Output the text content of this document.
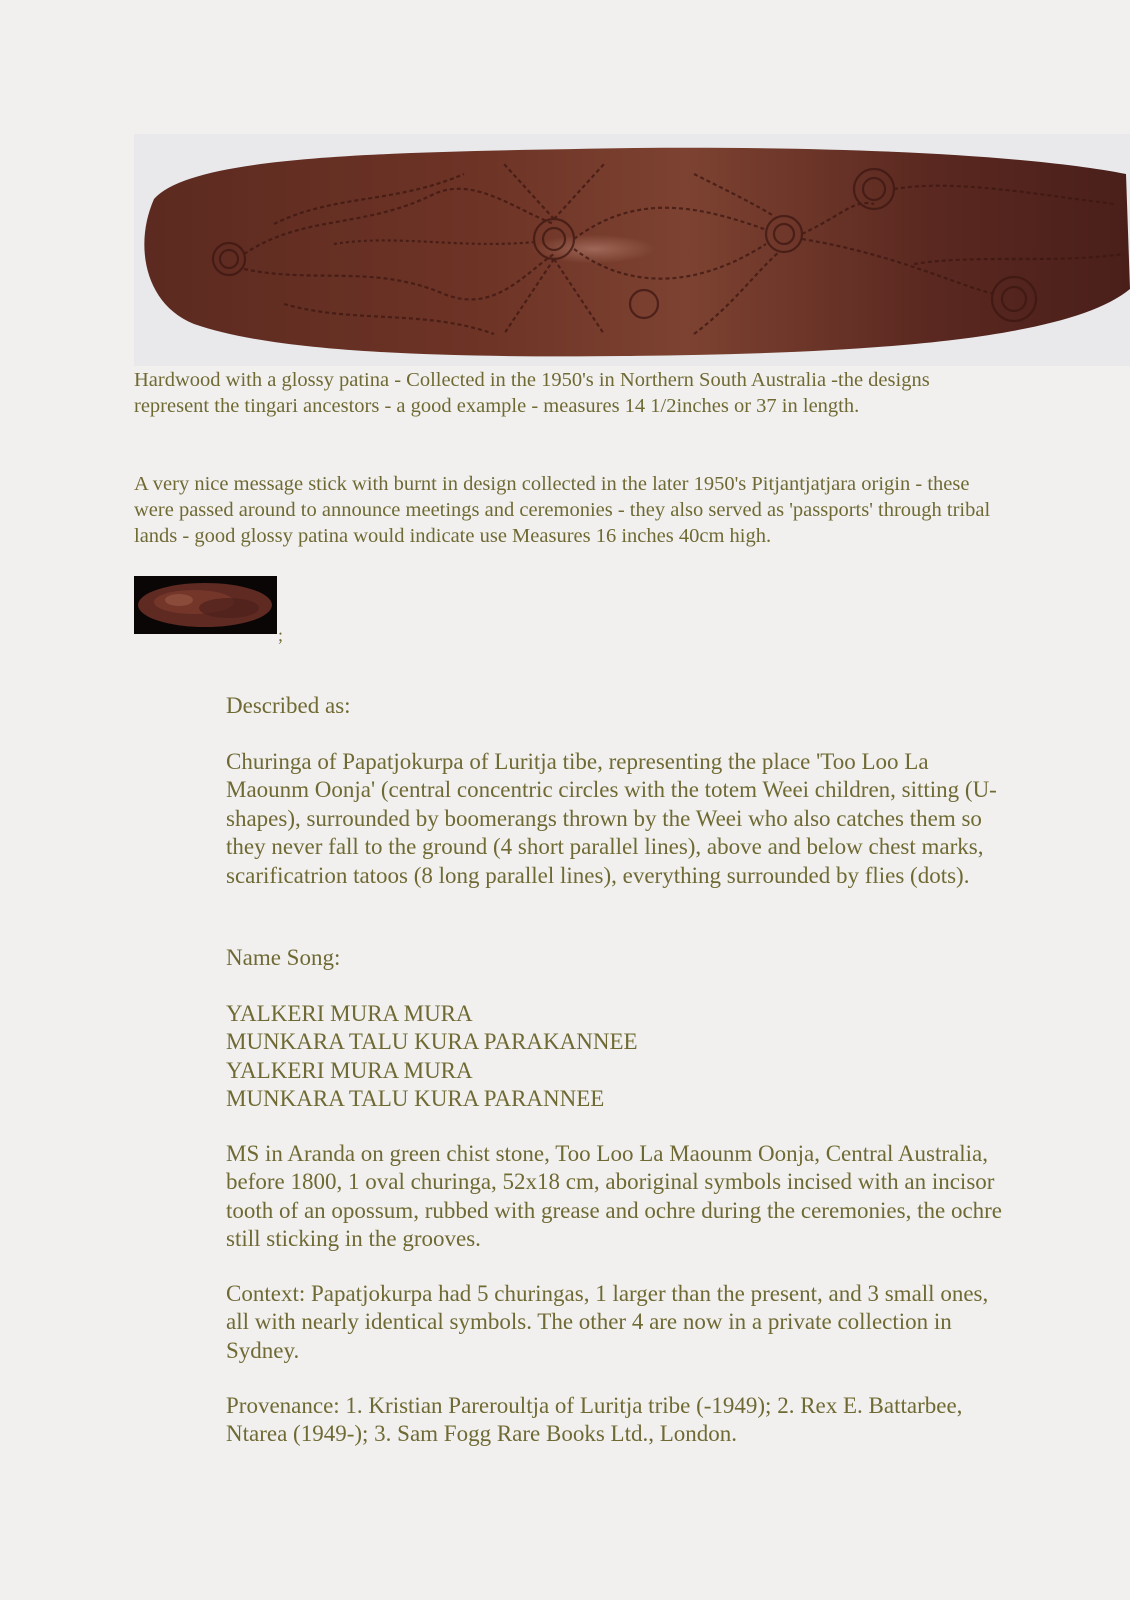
Hardwood with a glossy patina - Collected in the 1950's in Northern South Australia -the designs represent the tingari ancestors - a good example - measures 14 1/2inches or 37 in length.

A very nice message stick with burnt in design collected in the later 1950's Pitjantjatjara origin - these were passed around to announce meetings and ceremonies - they also served as 'passports' through tribal lands - good glossy patina would indicate use Measures 16 inches 40cm high.

;

Described as:

Churinga of Papatjokurpa of Luritja tibe, representing the place 'Too Loo La Maounm Oonja' (central concentric circles with the totem Weei children, sitting (U-shapes), surrounded by boomerangs thrown by the Weei who also catches them so they never fall to the ground (4 short parallel lines), above and below chest marks, scarificatrion tatoos (8 long parallel lines), everything surrounded by flies (dots).

Name Song:

YALKERI MURA MURA
MUNKARA TALU KURA PARAKANNEE
YALKERI MURA MURA
MUNKARA TALU KURA PARANNEE

MS in Aranda on green chist stone, Too Loo La Maounm Oonja, Central Australia, before 1800, 1 oval churinga, 52x18 cm, aboriginal symbols incised with an incisor tooth of an opossum, rubbed with grease and ochre during the ceremonies, the ochre still sticking in the grooves.

Context: Papatjokurpa had 5 churingas, 1 larger than the present, and 3 small ones, all with nearly identical symbols. The other 4 are now in a private collection in Sydney.

Provenance: 1. Kristian Pareroultja of Luritja tribe (-1949); 2. Rex E. Battarbee, Ntarea (1949-); 3. Sam Fogg Rare Books Ltd., London.
